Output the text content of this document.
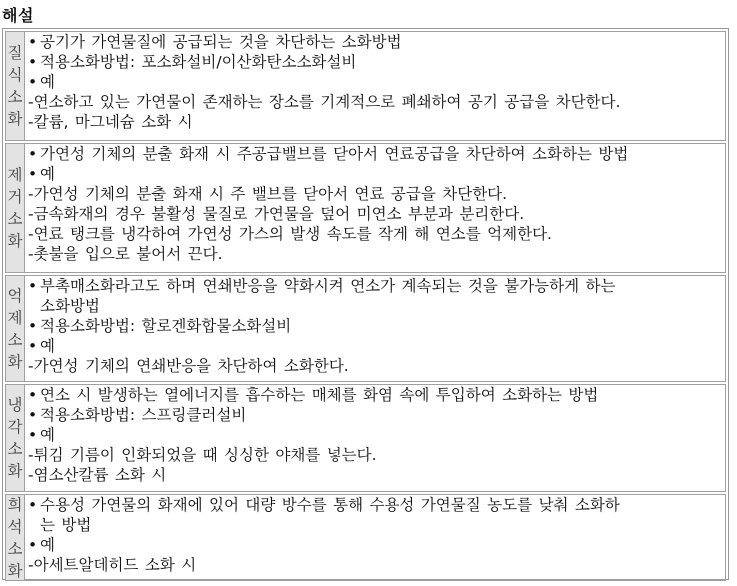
해설
질
식
소
화
• 공기가 가연물질에 공급되는 것을 차단하는 소화방법
• 적용소화방법: 포소화설비/이산화탄소소화설비
• 예
-연소하고 있는 가연물이 존재하는 장소를 기계적으로 폐쇄하여 공기 공급을 차단한다.
-칼륨, 마그네슘 소화 시
제
거
소
화
• 가연성 기체의 분출 화재 시 주공급밸브를 닫아서 연료공급을 차단하여 소화하는 방법
• 예
-가연성 기체의 분출 화재 시 주 밸브를 닫아서 연료 공급을 차단한다.
-금속화재의 경우 불활성 물질로 가연물을 덮어 미연소 부분과 분리한다.
-연료 탱크를 냉각하여 가연성 가스의 발생 속도를 작게 해 연소를 억제한다.
-촛불을 입으로 불어서 끈다.
억
제
소
화
• 부촉매소화라고도 하며 연쇄반응을 약화시켜 연소가 계속되는 것을 불가능하게 하는
소화방법
• 적용소화방법: 할로겐화합물소화설비
• 예
-가연성 기체의 연쇄반응을 차단하여 소화한다.
냉
각
소
화
• 연소 시 발생하는 열에너지를 흡수하는 매체를 화염 속에 투입하여 소화하는 방법
• 적용소화방법: 스프링클러설비
• 예
-튀김 기름이 인화되었을 때 싱싱한 야채를 넣는다.
-염소산칼륨 소화 시
희
석
소
화
• 수용성 가연물의 화재에 있어 대량 방수를 통해 수용성 가연물질 농도를 낮춰 소화하
는 방법
• 예
-아세트알데히드 소화 시
